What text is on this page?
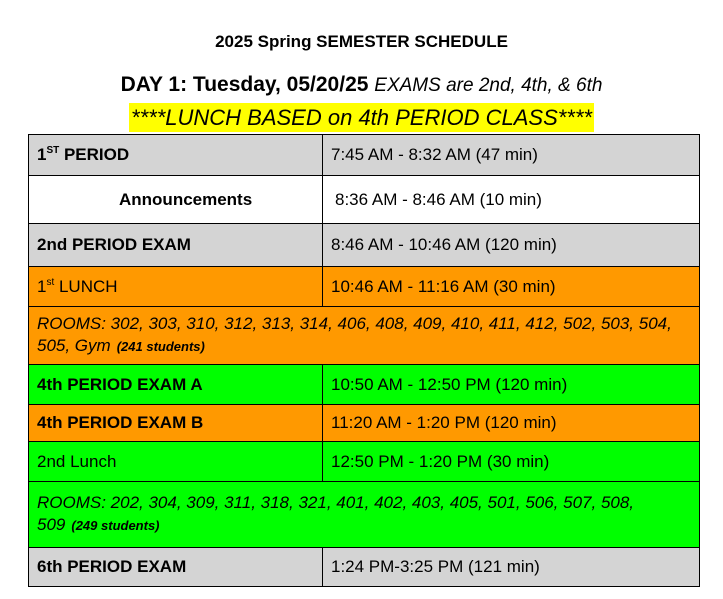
2025 Spring SEMESTER SCHEDULE
DAY 1: Tuesday, 05/20/25 EXAMS are 2nd, 4th, & 6th
****LUNCH BASED on 4th PERIOD CLASS****
1ST PERIOD	7:45 AM - 8:32 AM (47 min)
Announcements	8:36 AM - 8:46 AM (10 min)
2nd PERIOD EXAM	8:46 AM - 10:46 AM (120 min)
1st LUNCH	10:46 AM - 11:16 AM (30 min)
ROOMS: 302, 303, 310, 312, 313, 314, 406, 408, 409, 410, 411, 412, 502, 503, 504, 505, Gym (241 students)	
4th PERIOD EXAM A	10:50 AM - 12:50 PM (120 min)
4th PERIOD EXAM B	11:20 AM - 1:20 PM (120 min)
2nd Lunch	12:50 PM - 1:20 PM (30 min)
ROOMS: 202, 304, 309, 311, 318, 321, 401, 402, 403, 405, 501, 506, 507, 508, 509 (249 students)	
6th PERIOD EXAM	1:24 PM-3:25 PM (121 min)
